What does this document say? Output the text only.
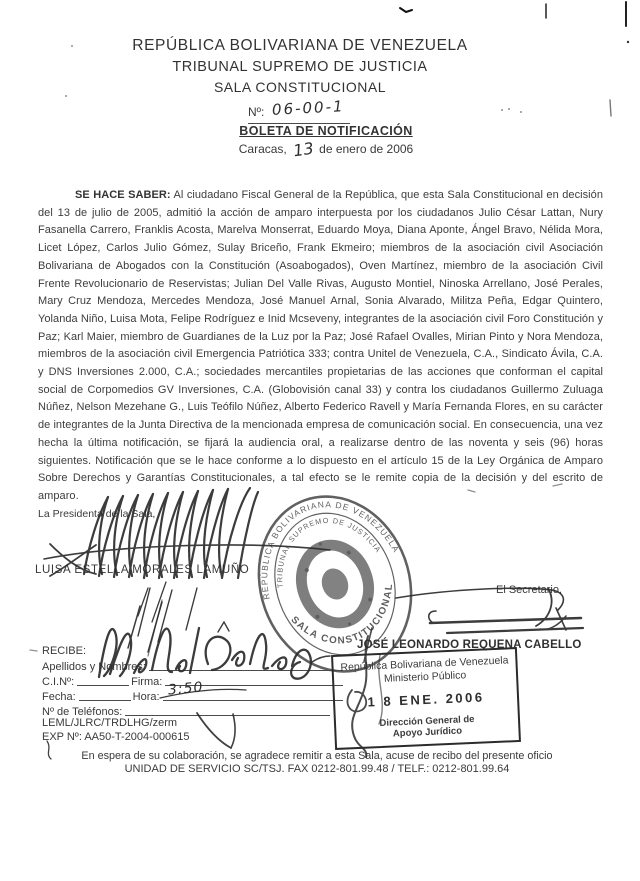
REPÚBLICA BOLIVARIANA DE VENEZUELA
TRIBUNAL SUPREMO DE JUSTICIA
SALA CONSTITUCIONAL
Nº: 06-00-1
BOLETA DE NOTIFICACIÓN
Caracas, 13 de enero de 2006

SE HACE SABER: Al ciudadano Fiscal General de la República, que esta Sala Constitucional en decisión del 13 de julio de 2005, admitió la acción de amparo interpuesta por los ciudadanos Julio César Lattan, Nury Fasanella Carrero, Franklis Acosta, Marelva Monserrat, Eduardo Moya, Diana Aponte, Ángel Bravo, Nélida Mora, Licet López, Carlos Julio Gómez, Sulay Briceño, Frank Ekmeiro; miembros de la asociación civil Asociación Bolivariana de Abogados con la Constitución (Asoabogados), Oven Martínez, miembro de la asociación Civil Frente Revolucionario de Reservistas; Julian Del Valle Rivas, Augusto Montiel, Ninoska Arrellano, José Perales, Mary Cruz Mendoza, Mercedes Mendoza, José Manuel Arnal, Sonia Alvarado, Militza Peña, Edgar Quintero, Yolanda Niño, Luisa Mota, Felipe Rodríguez e Inid Mcseveny, integrantes de la asociación civil Foro Constitución y Paz; Karl Maier, miembro de Guardianes de la Luz por la Paz; José Rafael Ovalles, Mirian Pinto y Nora Mendoza, miembros de la asociación civil Emergencia Patriótica 333; contra Unitel de Venezuela, C.A., Sindicato Ávila, C.A. y DNS Inversiones 2.000, C.A.; sociedades mercantiles propietarias de las acciones que conforman el capital social de Corpomedios GV Inversiones, C.A. (Globovisión canal 33) y contra los ciudadanos Guillermo Zuluaga Núñez, Nelson Mezehane G., Luis Teófilo Núñez, Alberto Federico Ravell y María Fernanda Flores, en su carácter de integrantes de la Junta Directiva de la mencionada empresa de comunicación social. En consecuencia, una vez hecha la última notificación, se fijará la audiencia oral, a realizarse dentro de las noventa y seis (96) horas siguientes. Notificación que se le hace conforme a lo dispuesto en el artículo 15 de la Ley Orgánica de Amparo Sobre Derechos y Garantías Constitucionales, a tal efecto se le remite copia de la decisión y del escrito de amparo.

La Presidenta de la Sala,
LUISA ESTELLA MORALES LAMUÑO
El Secretario,
JOSÉ LEONARDO REQUENA CABELLO
REPÚBLICA BOLIVARIANA DE VENEZUELA
TRIBUNAL SUPREMO DE JUSTICIA
SALA CONSTITUCIONAL
RECIBE:
Apellidos y Nombres:
C.I.Nº:	Firma:
Fecha:	Hora:
Nº de Teléfonos:
LEML/JLRC/TRDLHG/zerm
EXP Nº: AA50-T-2004-000615
3:50
República Bolivariana de Venezuela
Ministerio Público
1 8 ENE. 2006
Dirección General de
Apoyo Jurídico
En espera de su colaboración, se agradece remitir a esta Sala, acuse de recibo del presente oficio
UNIDAD DE SERVICIO SC/TSJ. FAX 0212-801.99.48 / TELF.: 0212-801.99.64
